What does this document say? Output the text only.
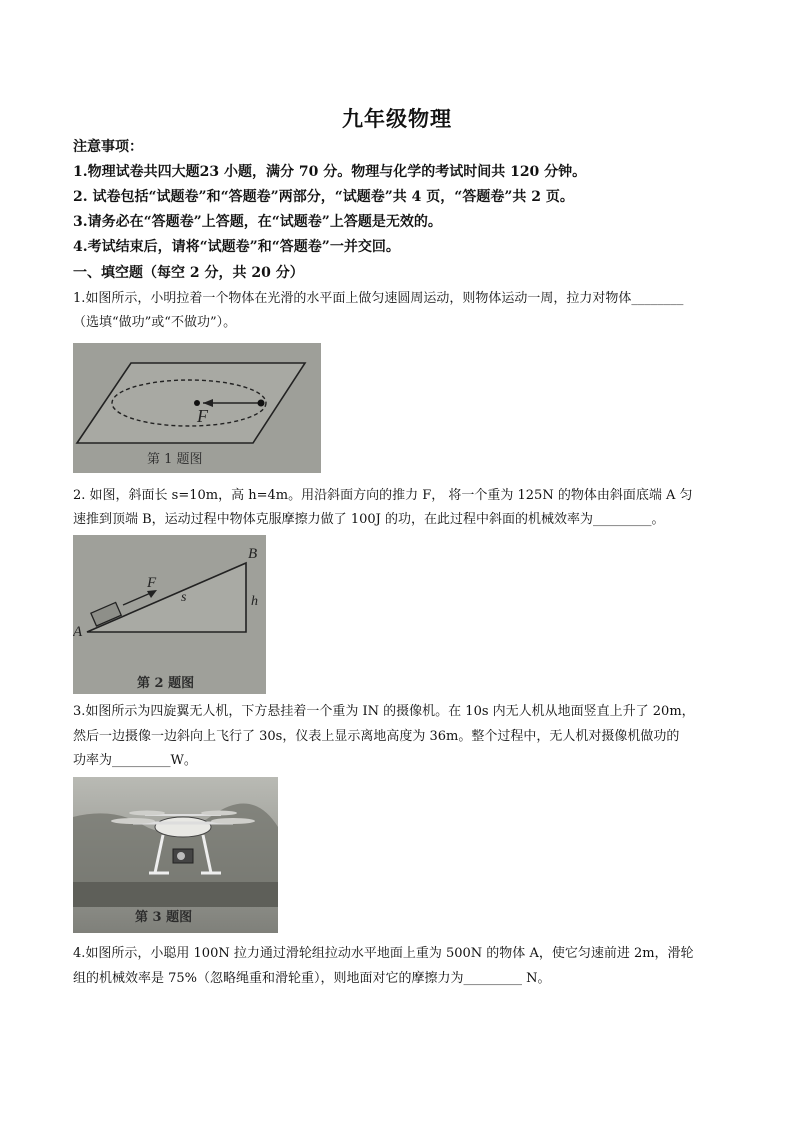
九年级物理
注意事项：
1.物理试卷共四大题23 小题，满分 70 分。物理与化学的考试时间共 120 分钟。
2. 试卷包括“试题卷”和“答题卷”两部分，“试题卷”共 4 页，“答题卷”共 2 页。
3.请务必在“答题卷”上答题，在“试题卷”上答题是无效的。
4.考试结束后，请将“试题卷”和“答题卷”一并交回。
一、填空题（每空 2 分，共 20 分）
1.如图所示，小明拉着一个物体在光滑的水平面上做匀速圆周运动，则物体运动一周，拉力对物体________
（选填“做功”或“不做功”）。
F
第 1 题图
2. 如图，斜面长 s=10m，高 h=4m。用沿斜面方向的推力 F， 将一个重为 125N 的物体由斜面底端 A 匀
速推到顶端 B，运动过程中物体克服摩擦力做了 100J 的功，在此过程中斜面的机械效率为_________。
F
s	h
A
B
第 2 题图
3.如图所示为四旋翼无人机，下方悬挂着一个重为 IN 的摄像机。在 10s 内无人机从地面竖直上升了 20m，
然后一边摄像一边斜向上飞行了 30s，仪表上显示离地高度为 36m。整个过程中，无人机对摄像机做功的
功率为_________W。
第 3 题图
4.如图所示，小聪用 100N 拉力通过滑轮组拉动水平地面上重为 500N 的物体 A，使它匀速前进 2m，滑轮
组的机械效率是 75%（忽略绳重和滑轮重），则地面对它的摩擦力为_________ N。
